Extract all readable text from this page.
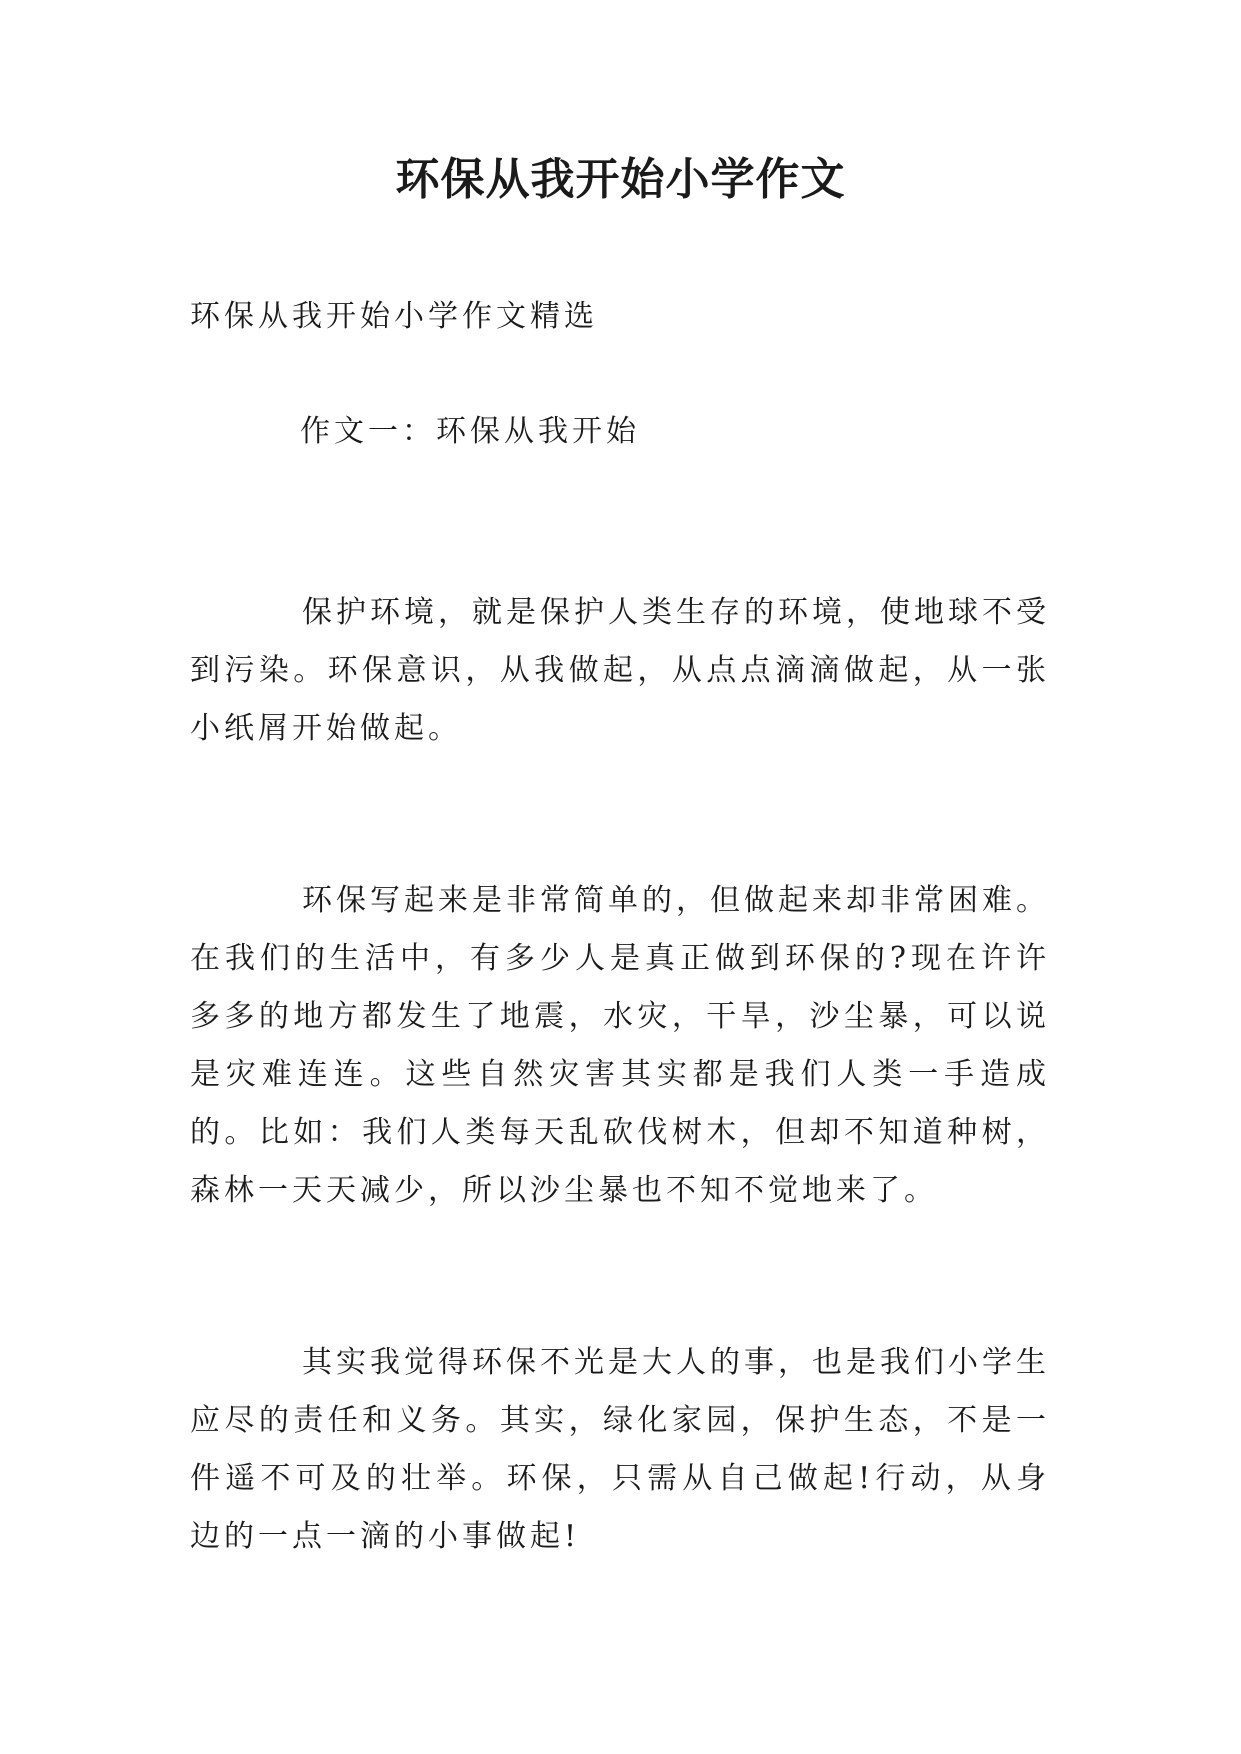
环保从我开始小学作文

环保从我开始小学作文精选

作文一：环保从我开始

保护环境，就是保护人类生存的环境，使地球不受到污染。环保意识，从我做起，从点点滴滴做起，从一张小纸屑开始做起。

环保写起来是非常简单的，但做起来却非常困难。在我们的生活中，有多少人是真正做到环保的?现在许许多多的地方都发生了地震，水灾，干旱，沙尘暴，可以说是灾难连连。这些自然灾害其实都是我们人类一手造成的。比如：我们人类每天乱砍伐树木，但却不知道种树，森林一天天减少，所以沙尘暴也不知不觉地来了。

其实我觉得环保不光是大人的事，也是我们小学生应尽的责任和义务。其实，绿化家园，保护生态，不是一件遥不可及的壮举。环保，只需从自己做起!行动，从身边的一点一滴的小事做起!
